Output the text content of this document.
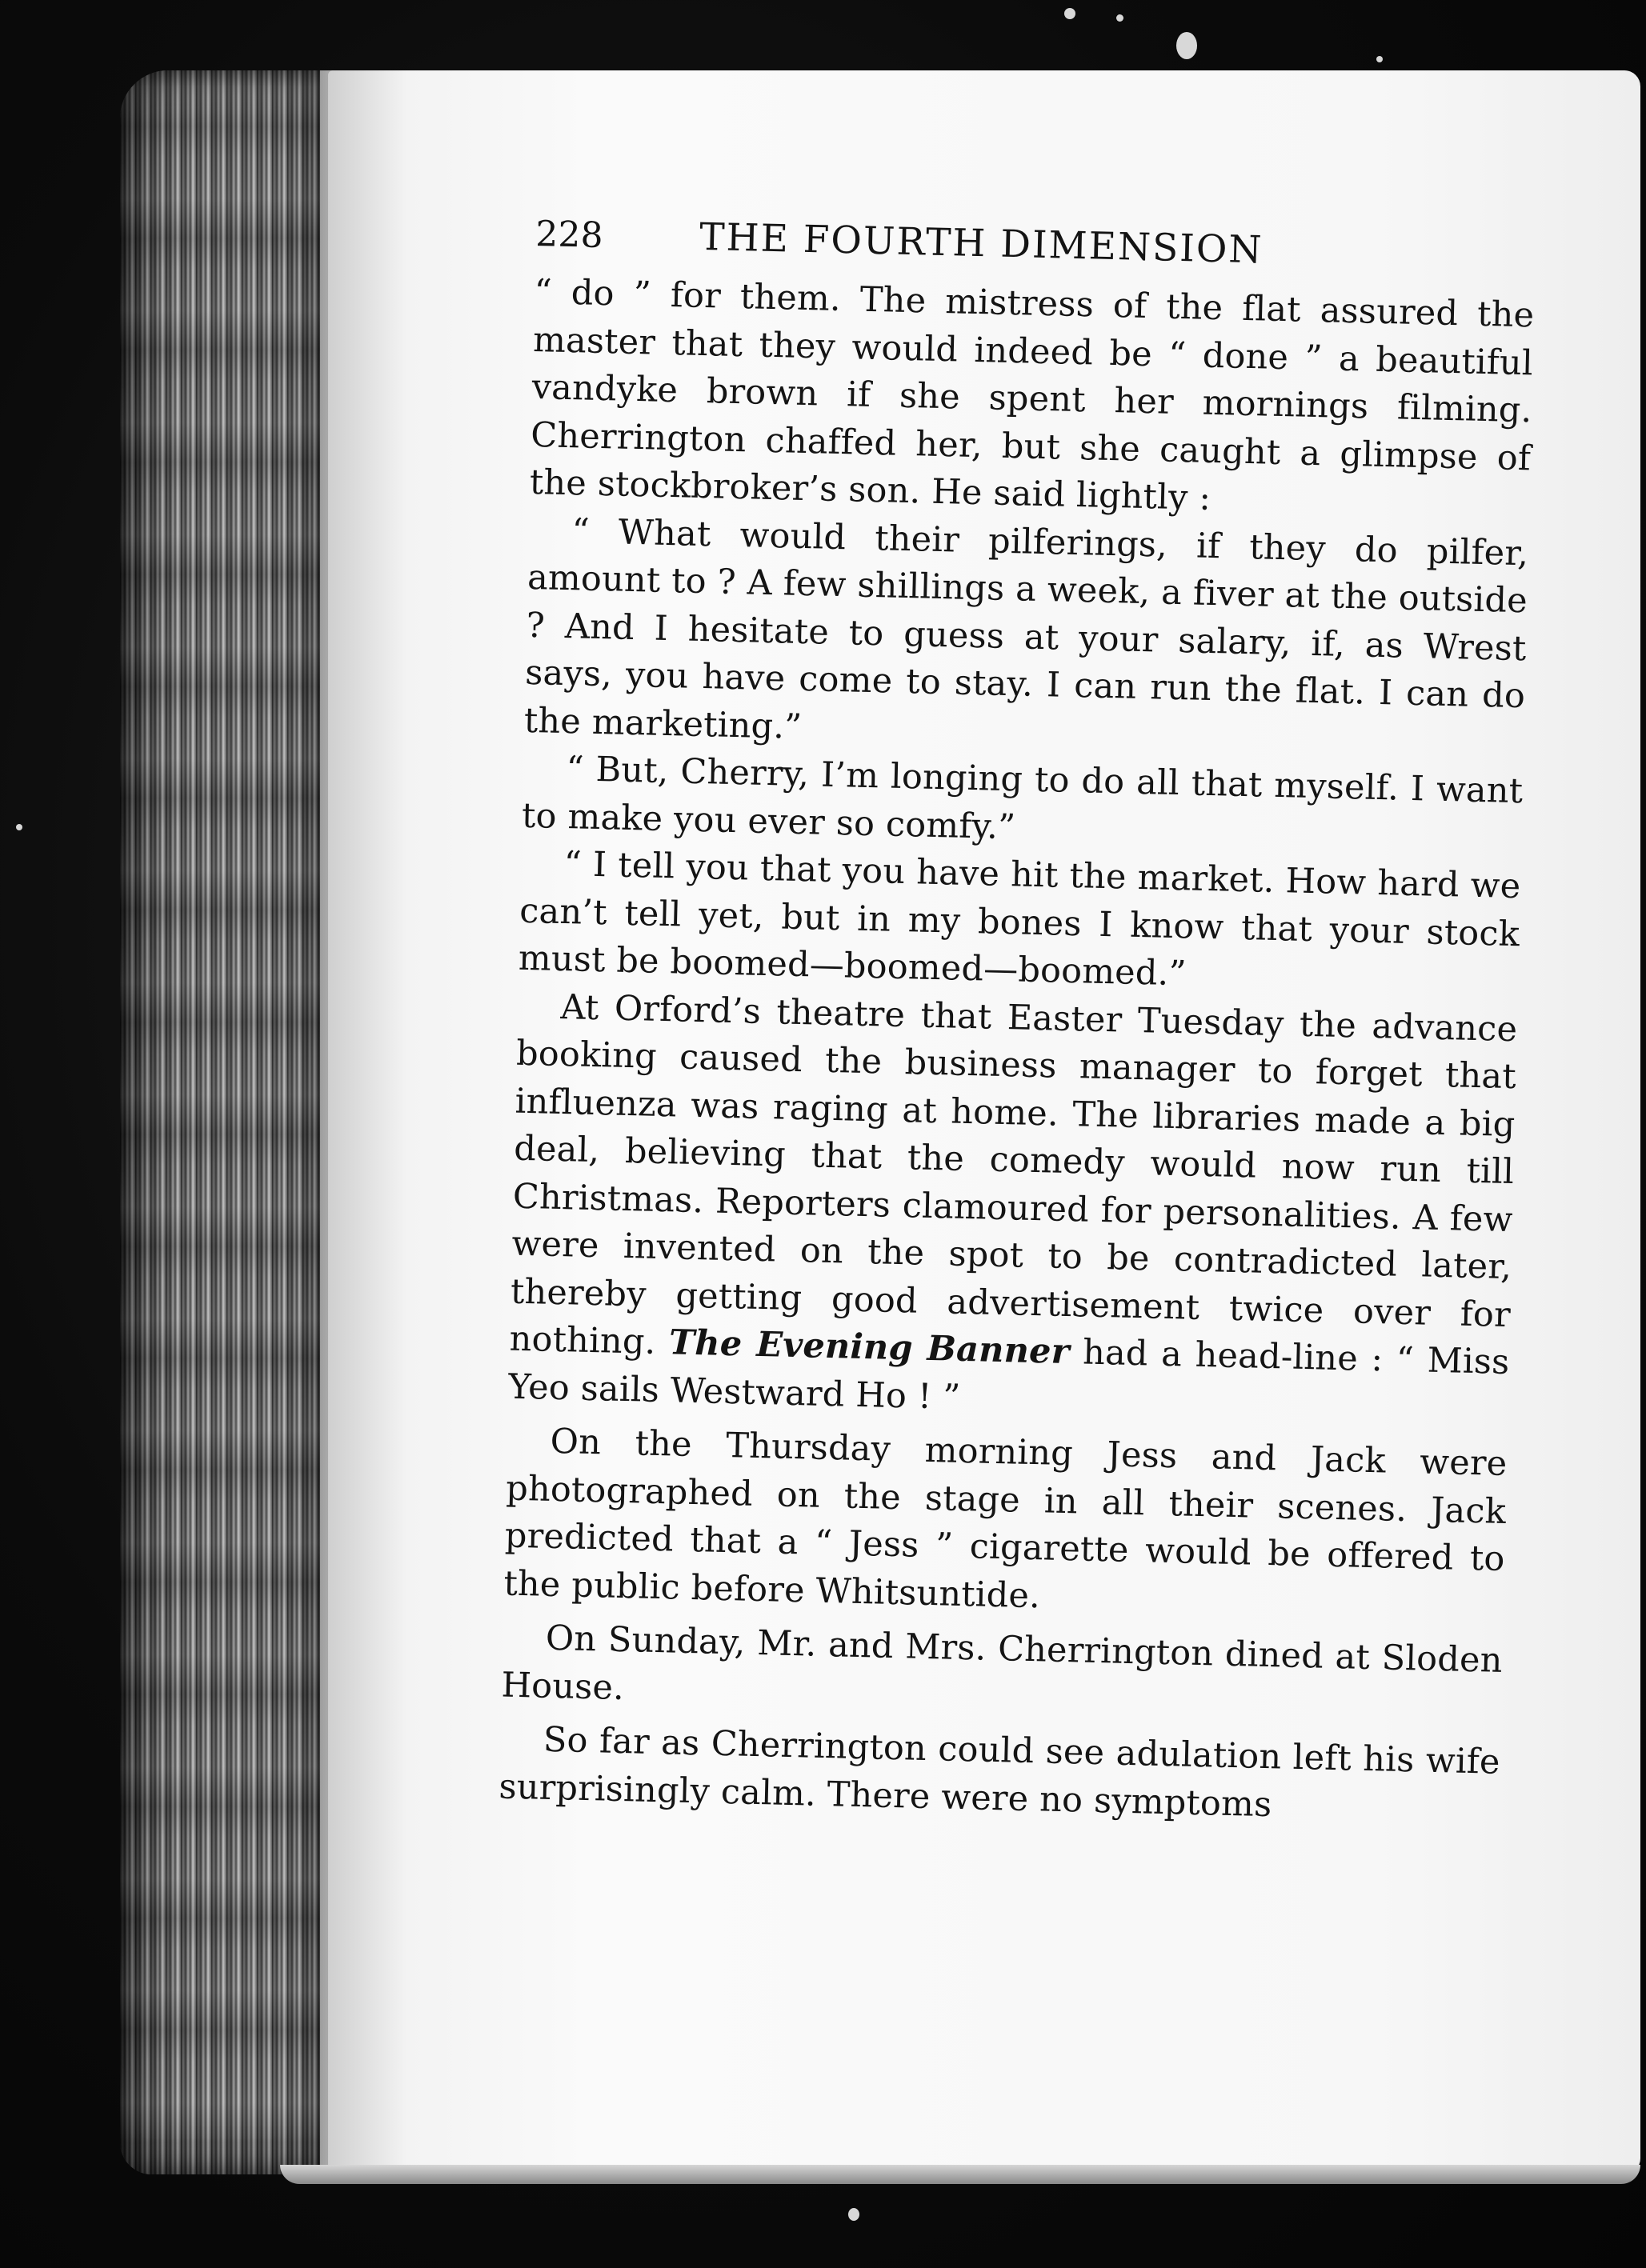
228	THE FOURTH DIMENSION

“ do ” for them. The mistress of the flat assured the master that they would indeed be “ done ” a beautiful vandyke brown if she spent her mornings filming. Cherrington chaffed her, but she caught a glimpse of the stockbroker’s son. He said lightly :

“ What would their pilferings, if they do pilfer, amount to ? A few shillings a week, a fiver at the outside ? And I hesitate to guess at your salary, if, as Wrest says, you have come to stay. I can run the flat. I can do the marketing.”

“ But, Cherry, I’m longing to do all that myself. I want to make you ever so comfy.”

“ I tell you that you have hit the market. How hard we can’t tell yet, but in my bones I know that your stock must be boomed—boomed—boomed.”

At Orford’s theatre that Easter Tuesday the advance booking caused the business manager to forget that influenza was raging at home. The libraries made a big deal, believing that the comedy would now run till Christmas. Reporters clamoured for personalities. A few were invented on the spot to be contradicted later, thereby getting good advertisement twice over for nothing. The Evening Banner had a head-line : “ Miss Yeo sails Westward Ho ! ”

On the Thursday morning Jess and Jack were photographed on the stage in all their scenes. Jack predicted that a “ Jess ” cigarette would be offered to the public before Whitsuntide.

On Sunday, Mr. and Mrs. Cherrington dined at Sloden House.

So far as Cherrington could see adulation left his wife surprisingly calm. There were no symptoms
